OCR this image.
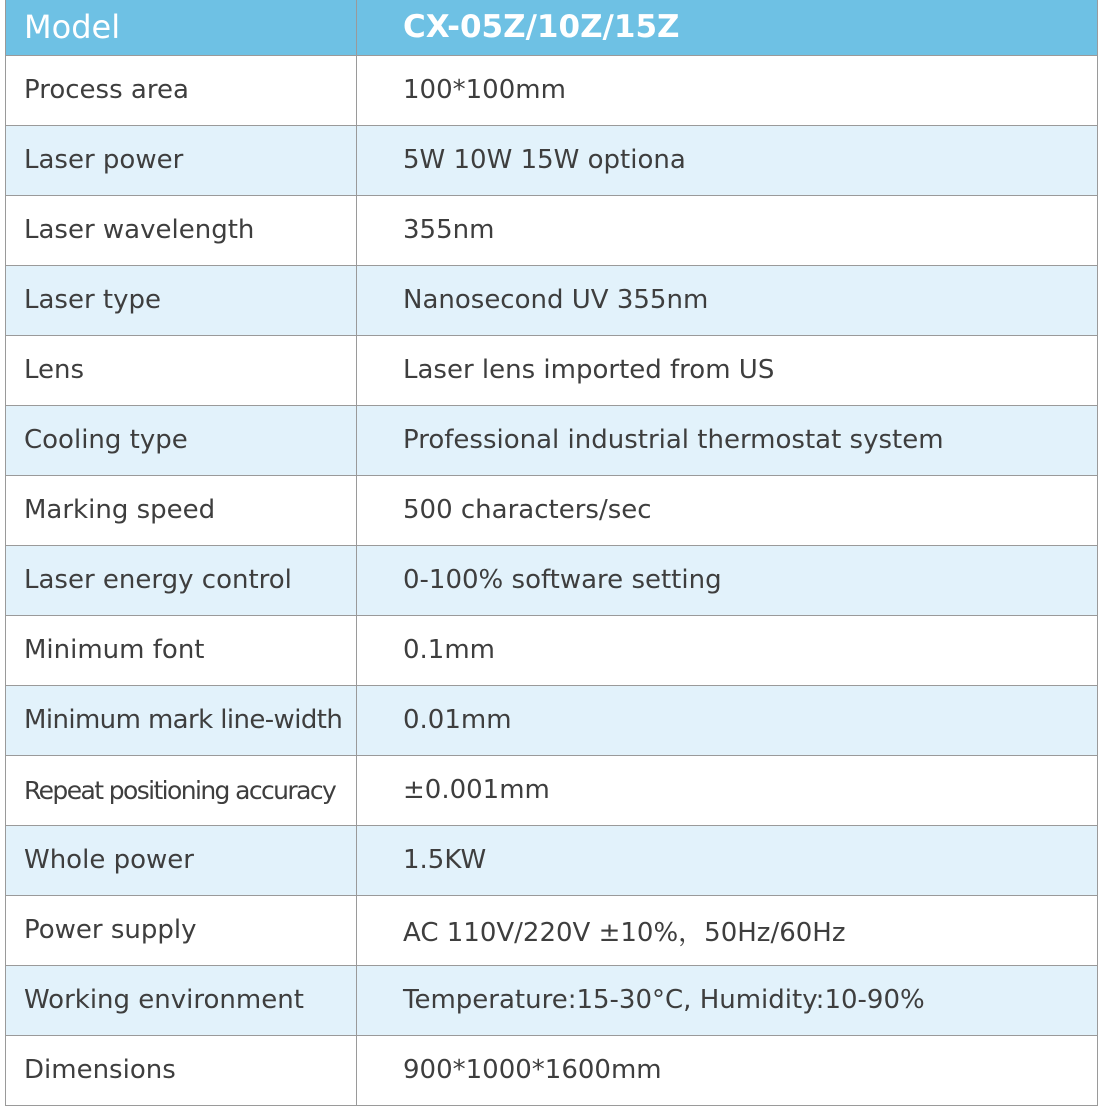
Model	CX-05Z/10Z/15Z
Process area	100*100mm
Laser power	5W 10W 15W optiona
Laser wavelength	355nm
Laser type	Nanosecond UV 355nm
Lens	Laser lens imported from US
Cooling type	Professional industrial thermostat system
Marking speed	500 characters/sec
Laser energy control	0-100% software setting
Minimum font	0.1mm
Minimum mark line-width	0.01mm
Repeat positioning accuracy	±0.001mm
Whole power	1.5KW
Power supply	AC 110V/220V ±10%，50Hz/60Hz
Working environment	Temperature:15-30°C, Humidity:10-90%
Dimensions	900*1000*1600mm
